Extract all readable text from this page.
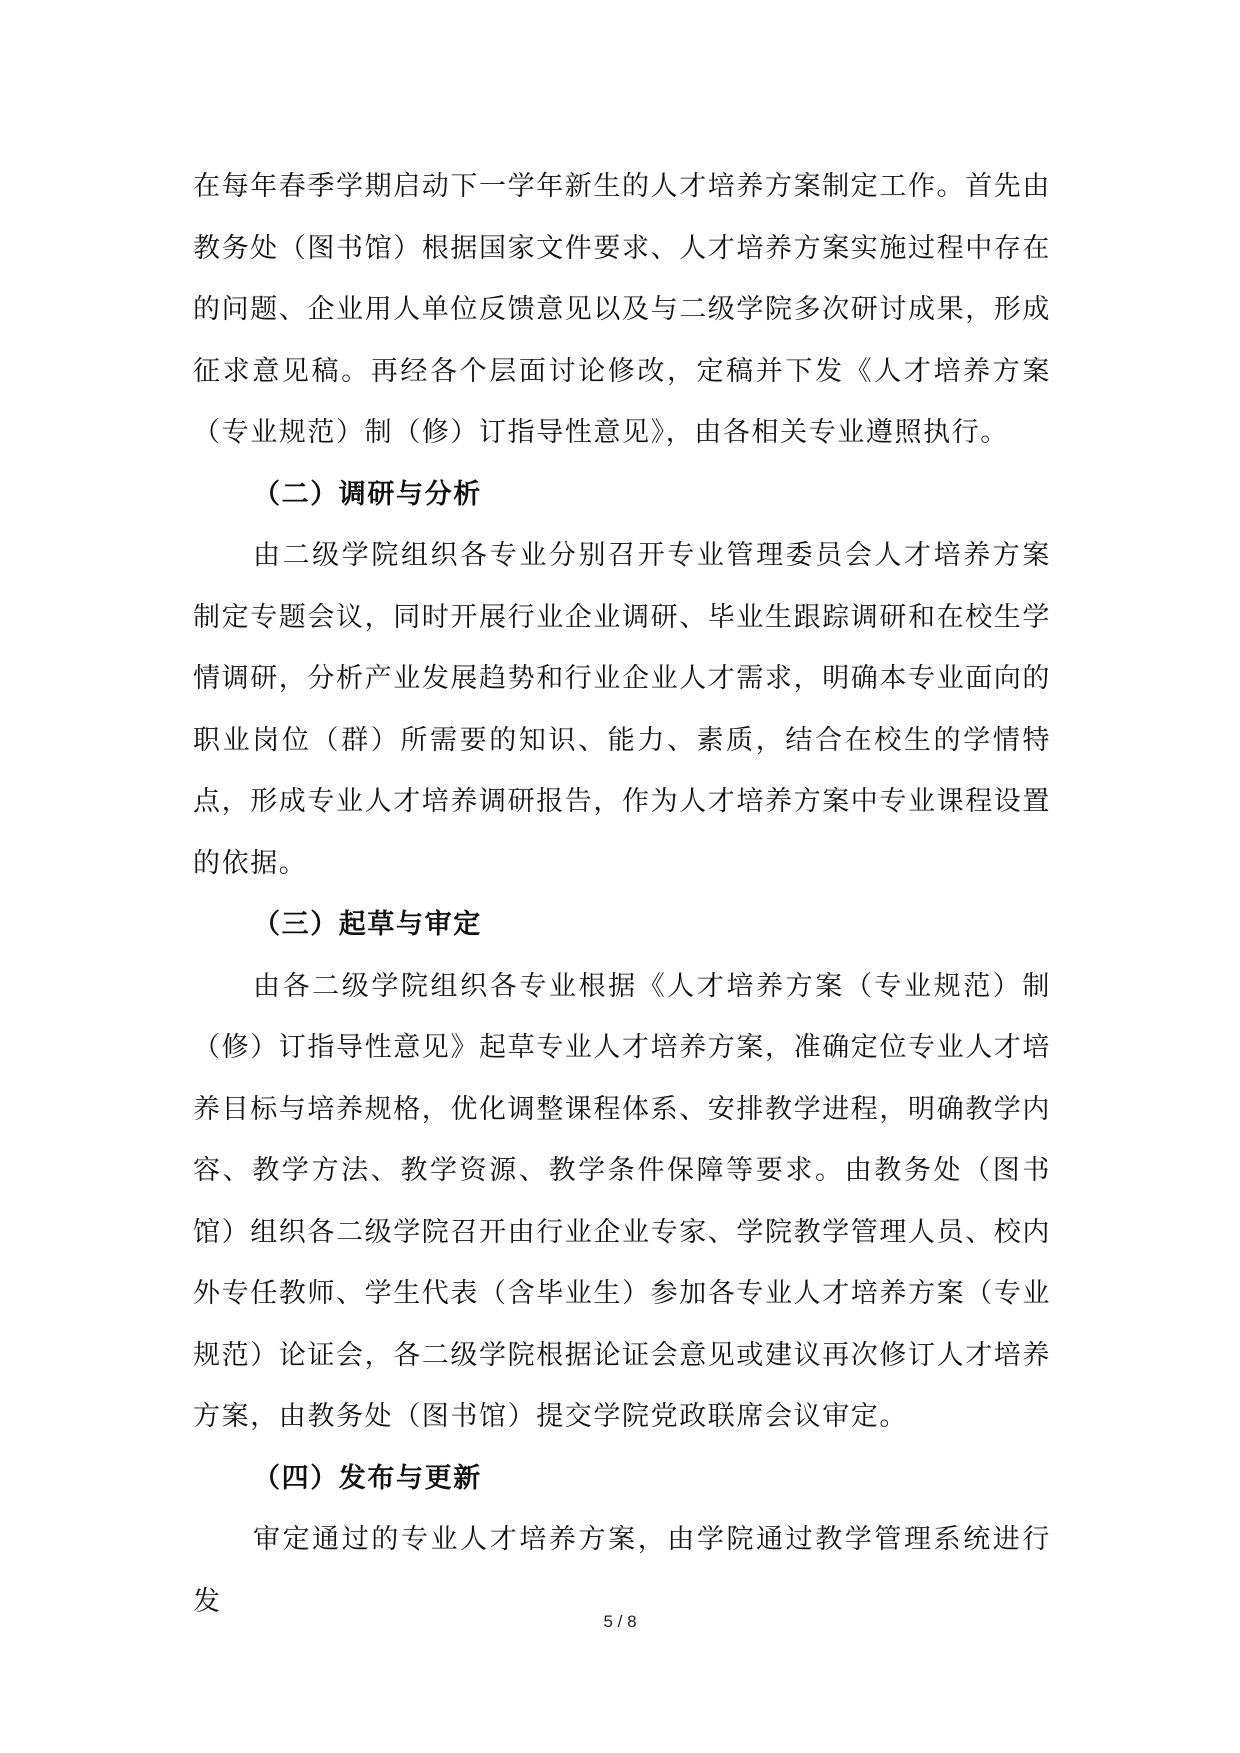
在每年春季学期启动下一学年新生的人才培养方案制定工作。首先由教务处（图书馆）根据国家文件要求、人才培养方案实施过程中存在的问题、企业用人单位反馈意见以及与二级学院多次研讨成果，形成征求意见稿。再经各个层面讨论修改，定稿并下发《人才培养方案（专业规范）制（修）订指导性意见》，由各相关专业遵照执行。

（二）调研与分析

由二级学院组织各专业分别召开专业管理委员会人才培养方案制定专题会议，同时开展行业企业调研、毕业生跟踪调研和在校生学情调研，分析产业发展趋势和行业企业人才需求，明确本专业面向的职业岗位（群）所需要的知识、能力、素质，结合在校生的学情特点，形成专业人才培养调研报告，作为人才培养方案中专业课程设置的依据。

（三）起草与审定

由各二级学院组织各专业根据《人才培养方案（专业规范）制（修）订指导性意见》起草专业人才培养方案，准确定位专业人才培养目标与培养规格，优化调整课程体系、安排教学进程，明确教学内容、教学方法、教学资源、教学条件保障等要求。由教务处（图书馆）组织各二级学院召开由行业企业专家、学院教学管理人员、校内外专任教师、学生代表（含毕业生）参加各专业人才培养方案（专业规范）论证会，各二级学院根据论证会意见或建议再次修订人才培养方案，由教务处（图书馆）提交学院党政联席会议审定。

（四）发布与更新

审定通过的专业人才培养方案，由学院通过教学管理系统进行发

5 / 8
